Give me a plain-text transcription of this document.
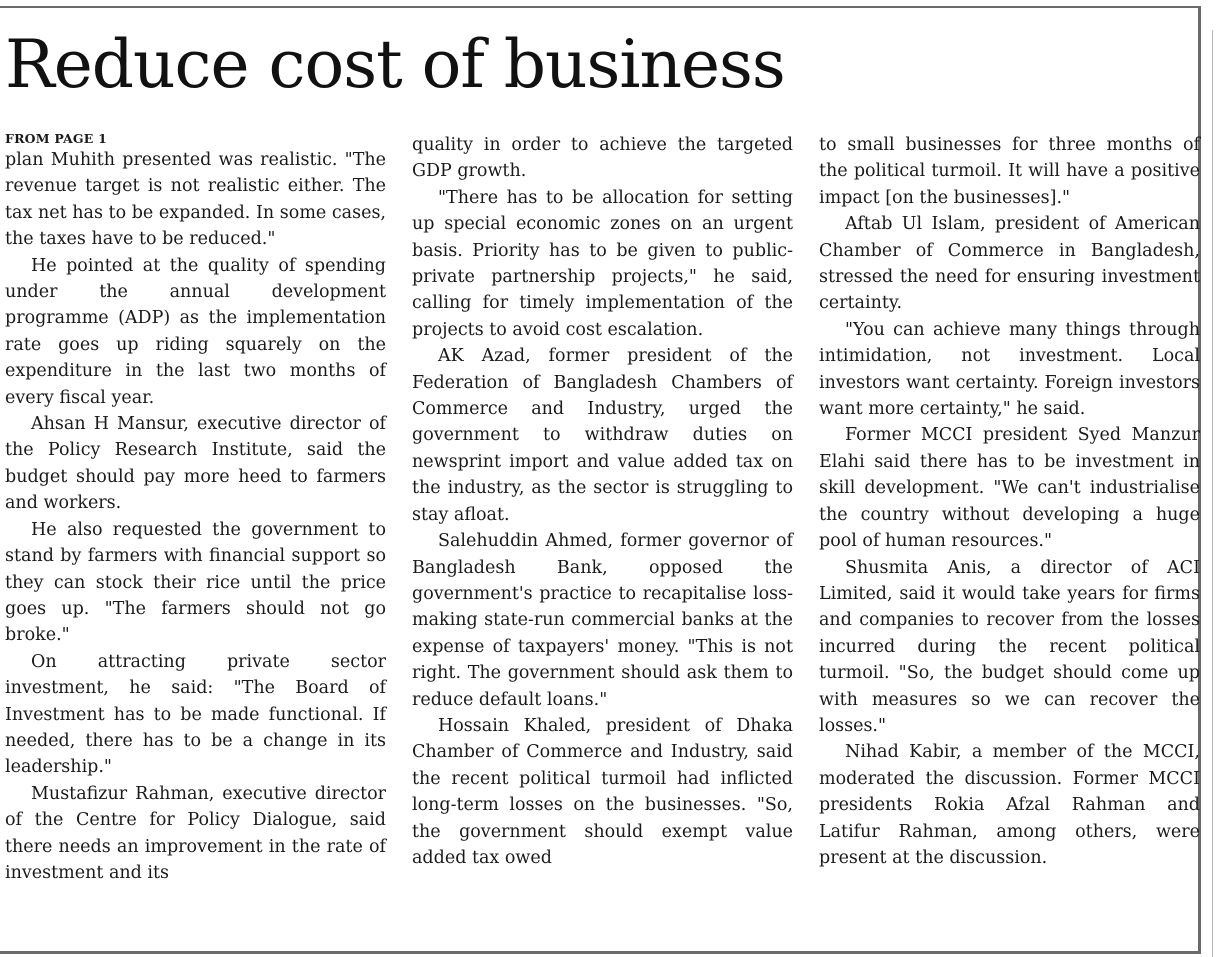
Reduce cost of business
FROM PAGE 1

plan Muhith presented was realistic. "The revenue target is not realistic either. The tax net has to be expanded. In some cases, the taxes have to be reduced."

He pointed at the quality of spending under the annual development programme (ADP) as the implementation rate goes up riding squarely on the expenditure in the last two months of every fiscal year.

Ahsan H Mansur, executive director of the Policy Research Institute, said the budget should pay more heed to farmers and workers.

He also requested the government to stand by farmers with financial support so they can stock their rice until the price goes up. "The farmers should not go broke."

On attracting private sector investment, he said: "The Board of Investment has to be made functional. If needed, there has to be a change in its leadership."

Mustafizur Rahman, executive director of the Centre for Policy Dialogue, said there needs an improvement in the rate of investment and its

quality in order to achieve the targeted GDP growth.

"There has to be allocation for setting up special economic zones on an urgent basis. Priority has to be given to public-private partnership projects," he said, calling for timely implementation of the projects to avoid cost escalation.

AK Azad, former president of the Federation of Bangladesh Chambers of Commerce and Industry, urged the government to withdraw duties on newsprint import and value added tax on the industry, as the sector is struggling to stay afloat.

Salehuddin Ahmed, former governor of Bangladesh Bank, opposed the government's practice to recapitalise loss-making state-run commercial banks at the expense of taxpayers' money. "This is not right. The government should ask them to reduce default loans."

Hossain Khaled, president of Dhaka Chamber of Commerce and Industry, said the recent political turmoil had inflicted long-term losses on the businesses. "So, the government should exempt value added tax owed

to small businesses for three months of the political turmoil. It will have a positive impact [on the businesses]."

Aftab Ul Islam, president of American Chamber of Commerce in Bangladesh, stressed the need for ensuring investment certainty.

"You can achieve many things through intimidation, not investment. Local investors want certainty. Foreign investors want more certainty," he said.

Former MCCI president Syed Manzur Elahi said there has to be investment in skill development. "We can't industrialise the country without developing a huge pool of human resources."

Shusmita Anis, a director of ACI Limited, said it would take years for firms and companies to recover from the losses incurred during the recent political turmoil. "So, the budget should come up with measures so we can recover the losses."

Nihad Kabir, a member of the MCCI, moderated the discussion. Former MCCI presidents Rokia Afzal Rahman and Latifur Rahman, among others, were present at the discussion.
